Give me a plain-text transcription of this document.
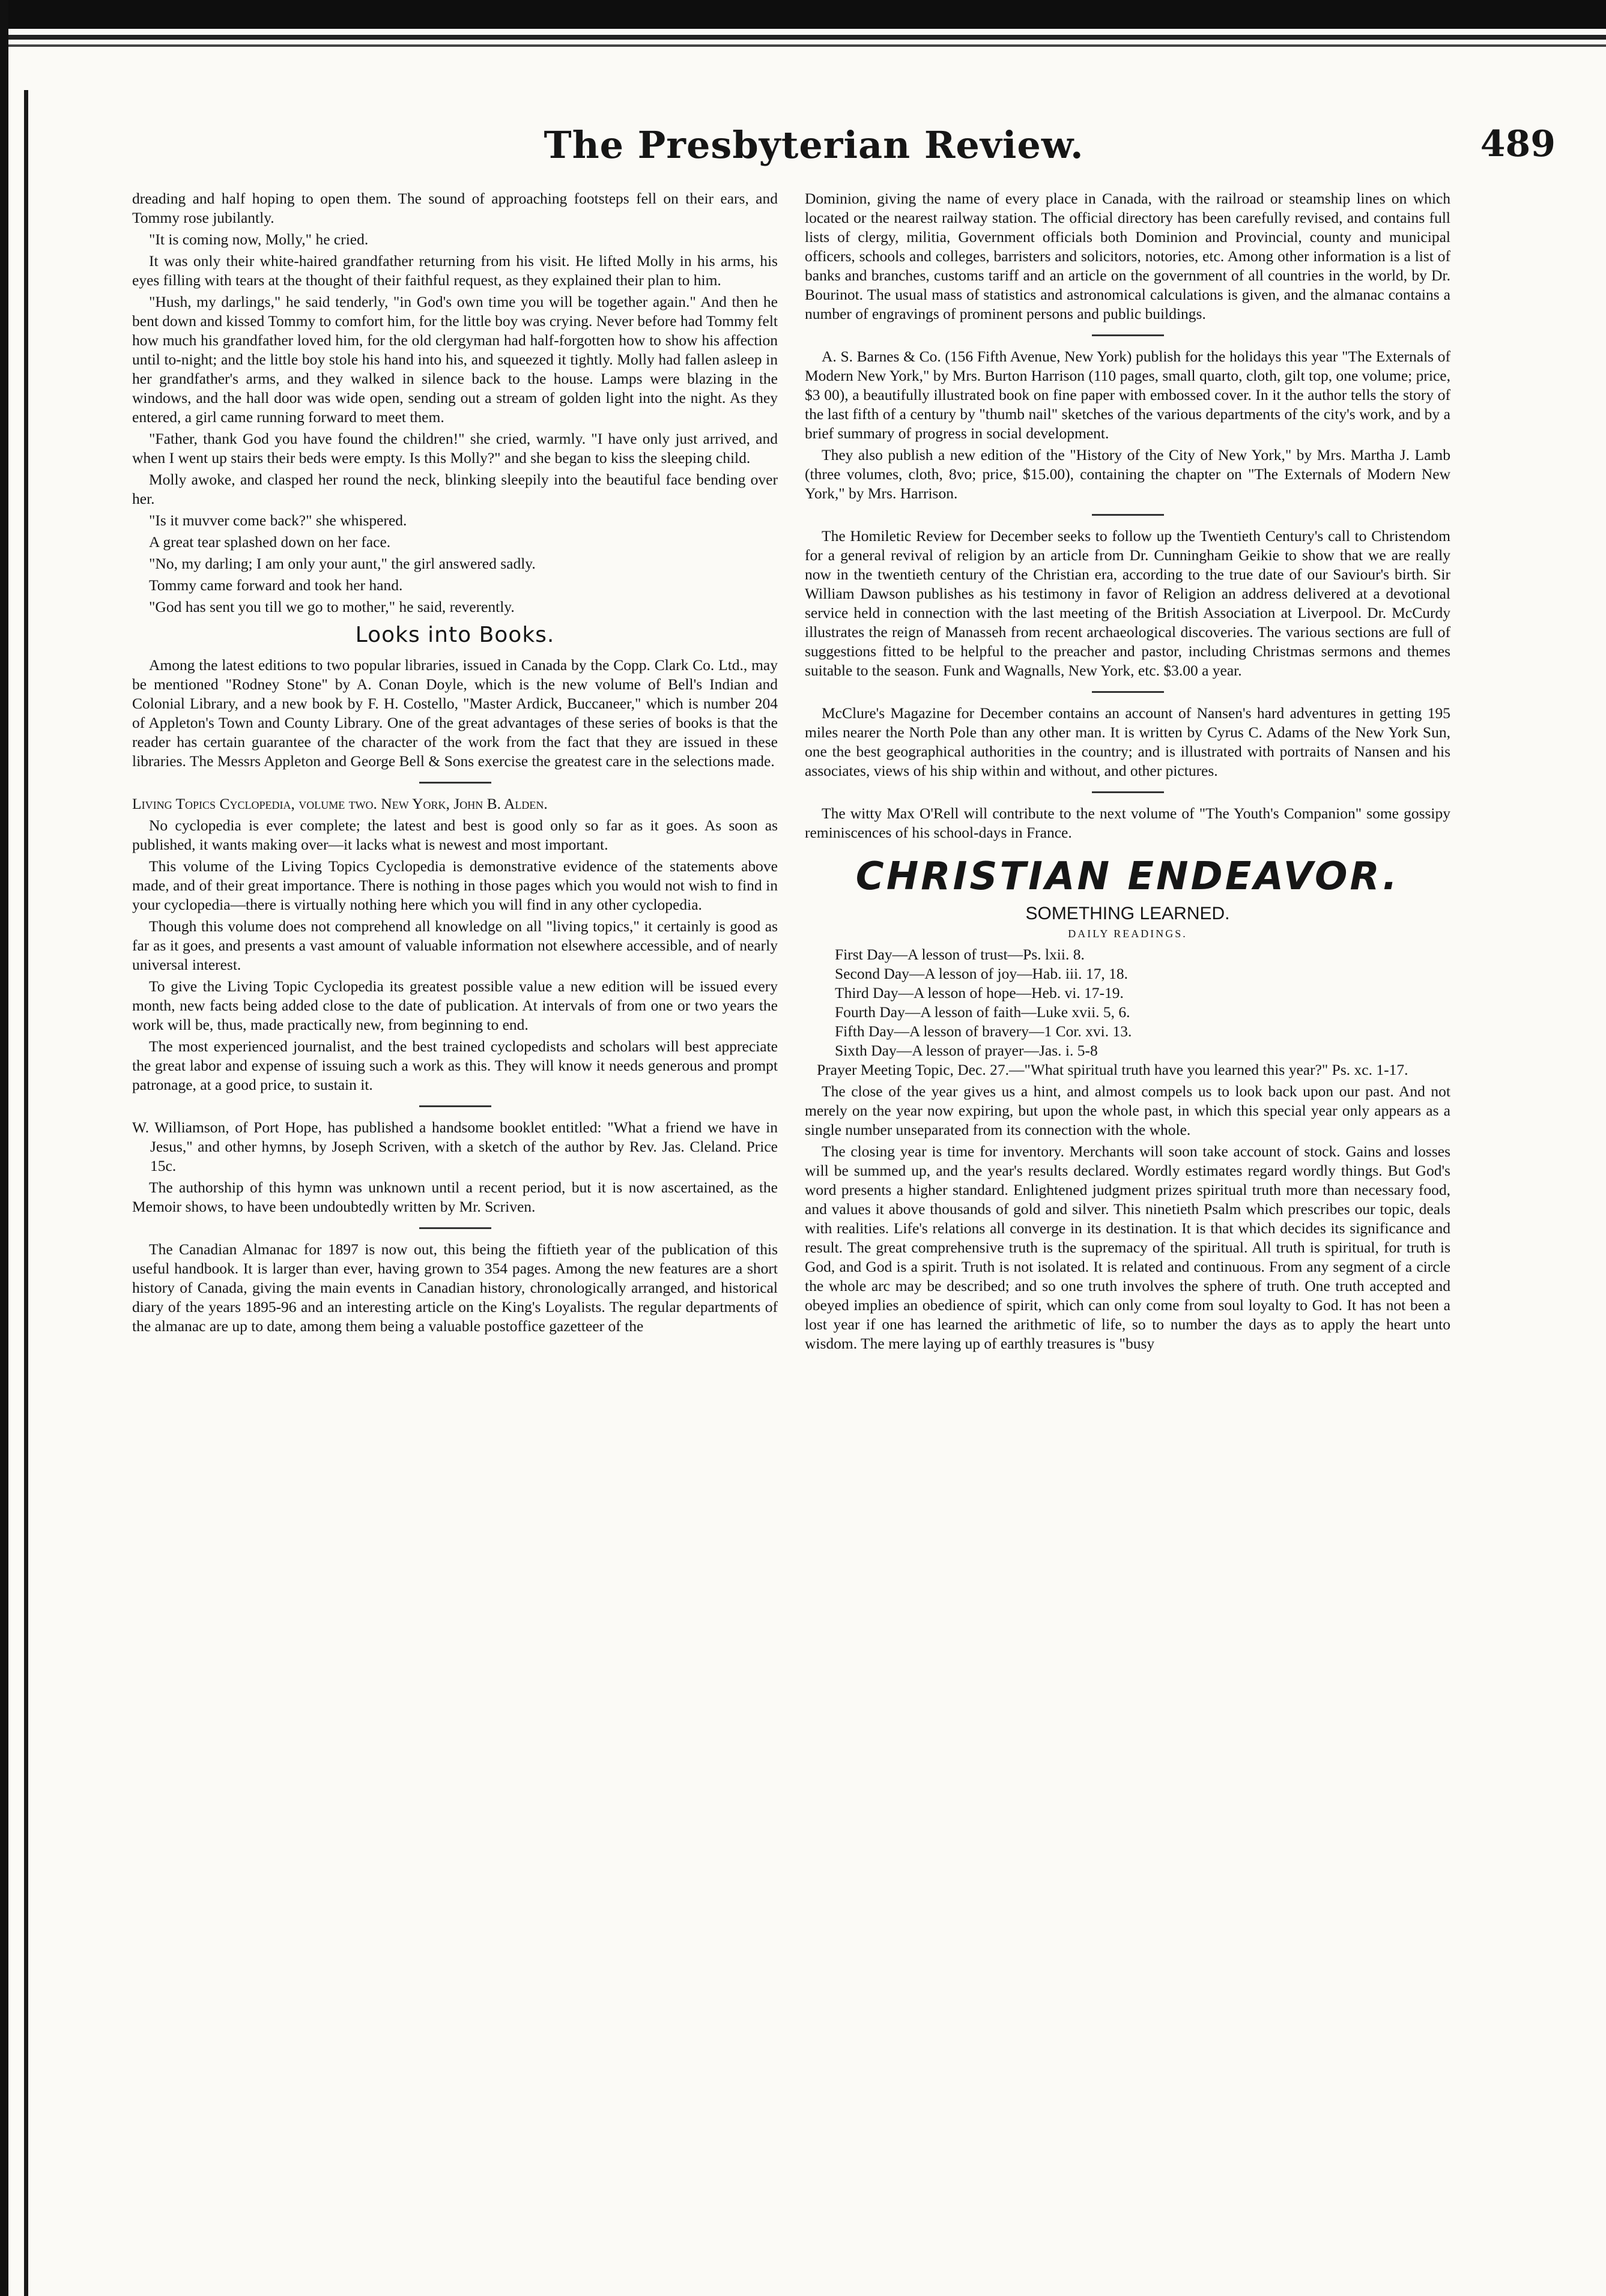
The Presbyterian Review.	489

dreading and half hoping to open them. The sound of approaching footsteps fell on their ears, and Tommy rose jubilantly.

"It is coming now, Molly," he cried.

It was only their white-haired grandfather returning from his visit. He lifted Molly in his arms, his eyes filling with tears at the thought of their faithful request, as they explained their plan to him.

"Hush, my darlings," he said tenderly, "in God's own time you will be together again." And then he bent down and kissed Tommy to comfort him, for the little boy was crying. Never before had Tommy felt how much his grandfather loved him, for the old clergyman had half-forgotten how to show his affection until to-night; and the little boy stole his hand into his, and squeezed it tightly. Molly had fallen asleep in her grandfather's arms, and they walked in silence back to the house. Lamps were blazing in the windows, and the hall door was wide open, sending out a stream of golden light into the night. As they entered, a girl came running forward to meet them.

"Father, thank God you have found the children!" she cried, warmly. "I have only just arrived, and when I went up stairs their beds were empty. Is this Molly?" and she began to kiss the sleeping child.

Molly awoke, and clasped her round the neck, blinking sleepily into the beautiful face bending over her.

"Is it muvver come back?" she whispered.

A great tear splashed down on her face.

"No, my darling; I am only your aunt," the girl answered sadly.

Tommy came forward and took her hand.

"God has sent you till we go to mother," he said, reverently.

Looks into Books.

Among the latest editions to two popular libraries, issued in Canada by the Copp. Clark Co. Ltd., may be mentioned "Rodney Stone" by A. Conan Doyle, which is the new volume of Bell's Indian and Colonial Library, and a new book by F. H. Costello, "Master Ardick, Buccaneer," which is number 204 of Appleton's Town and County Library. One of the great advantages of these series of books is that the reader has certain guarantee of the character of the work from the fact that they are issued in these libraries. The Messrs Appleton and George Bell & Sons exercise the greatest care in the selections made.

Living Topics Cyclopedia, volume two. New York, John B. Alden.

No cyclopedia is ever complete; the latest and best is good only so far as it goes. As soon as published, it wants making over—it lacks what is newest and most important.

This volume of the Living Topics Cyclopedia is demonstrative evidence of the statements above made, and of their great importance. There is nothing in those pages which you would not wish to find in your cyclopedia—there is virtually nothing here which you will find in any other cyclopedia.

Though this volume does not comprehend all knowledge on all "living topics," it certainly is good as far as it goes, and presents a vast amount of valuable information not elsewhere accessible, and of nearly universal interest.

To give the Living Topic Cyclopedia its greatest possible value a new edition will be issued every month, new facts being added close to the date of publication. At intervals of from one or two years the work will be, thus, made practically new, from beginning to end.

The most experienced journalist, and the best trained cyclopedists and scholars will best appreciate the great labor and expense of issuing such a work as this. They will know it needs generous and prompt patronage, at a good price, to sustain it.

W. Williamson, of Port Hope, has published a handsome booklet entitled: "What a friend we have in Jesus," and other hymns, by Joseph Scriven, with a sketch of the author by Rev. Jas. Cleland. Price 15c.

The authorship of this hymn was unknown until a recent period, but it is now ascertained, as the Memoir shows, to have been undoubtedly written by Mr. Scriven.

The Canadian Almanac for 1897 is now out, this being the fiftieth year of the publication of this useful handbook. It is larger than ever, having grown to 354 pages. Among the new features are a short history of Canada, giving the main events in Canadian history, chronologically arranged, and historical diary of the years 1895-96 and an interesting article on the King's Loyalists. The regular departments of the almanac are up to date, among them being a valuable postoffice gazetteer of the

Dominion, giving the name of every place in Canada, with the railroad or steamship lines on which located or the nearest railway station. The official directory has been carefully revised, and contains full lists of clergy, militia, Government officials both Dominion and Provincial, county and municipal officers, schools and colleges, barristers and solicitors, notories, etc. Among other information is a list of banks and branches, customs tariff and an article on the government of all countries in the world, by Dr. Bourinot. The usual mass of statistics and astronomical calculations is given, and the almanac contains a number of engravings of prominent persons and public buildings.

A. S. Barnes & Co. (156 Fifth Avenue, New York) publish for the holidays this year "The Externals of Modern New York," by Mrs. Burton Harrison (110 pages, small quarto, cloth, gilt top, one volume; price, $3 00), a beautifully illustrated book on fine paper with embossed cover. In it the author tells the story of the last fifth of a century by "thumb nail" sketches of the various departments of the city's work, and by a brief summary of progress in social development.

They also publish a new edition of the "History of the City of New York," by Mrs. Martha J. Lamb (three volumes, cloth, 8vo; price, $15.00), containing the chapter on "The Externals of Modern New York," by Mrs. Harrison.

The Homiletic Review for December seeks to follow up the Twentieth Century's call to Christendom for a general revival of religion by an article from Dr. Cunningham Geikie to show that we are really now in the twentieth century of the Christian era, according to the true date of our Saviour's birth. Sir William Dawson publishes as his testimony in favor of Religion an address delivered at a devotional service held in connection with the last meeting of the British Association at Liverpool. Dr. McCurdy illustrates the reign of Manasseh from recent archaeological discoveries. The various sections are full of suggestions fitted to be helpful to the preacher and pastor, including Christmas sermons and themes suitable to the season. Funk and Wagnalls, New York, etc. $3.00 a year.

McClure's Magazine for December contains an account of Nansen's hard adventures in getting 195 miles nearer the North Pole than any other man. It is written by Cyrus C. Adams of the New York Sun, one the best geographical authorities in the country; and is illustrated with portraits of Nansen and his associates, views of his ship within and without, and other pictures.

The witty Max O'Rell will contribute to the next volume of "The Youth's Companion" some gossipy reminiscences of his school-days in France.

CHRISTIAN ENDEAVOR.
SOMETHING LEARNED.
DAILY READINGS.
First Day—A lesson of trust—Ps. lxii. 8.
Second Day—A lesson of joy—Hab. iii. 17, 18.
Third Day—A lesson of hope—Heb. vi. 17-19.
Fourth Day—A lesson of faith—Luke xvii. 5, 6.
Fifth Day—A lesson of bravery—1 Cor. xvi. 13.
Sixth Day—A lesson of prayer—Jas. i. 5-8

Prayer Meeting Topic, Dec. 27.—"What spiritual truth have you learned this year?" Ps. xc. 1-17.

The close of the year gives us a hint, and almost compels us to look back upon our past. And not merely on the year now expiring, but upon the whole past, in which this special year only appears as a single number unseparated from its connection with the whole.

The closing year is time for inventory. Merchants will soon take account of stock. Gains and losses will be summed up, and the year's results declared. Wordly estimates regard wordly things. But God's word presents a higher standard. Enlightened judgment prizes spiritual truth more than necessary food, and values it above thousands of gold and silver. This ninetieth Psalm which prescribes our topic, deals with realities. Life's relations all converge in its destination. It is that which decides its significance and result. The great comprehensive truth is the supremacy of the spiritual. All truth is spiritual, for truth is God, and God is a spirit. Truth is not isolated. It is related and continuous. From any segment of a circle the whole arc may be described; and so one truth involves the sphere of truth. One truth accepted and obeyed implies an obedience of spirit, which can only come from soul loyalty to God. It has not been a lost year if one has learned the arithmetic of life, so to number the days as to apply the heart unto wisdom. The mere laying up of earthly treasures is "busy
